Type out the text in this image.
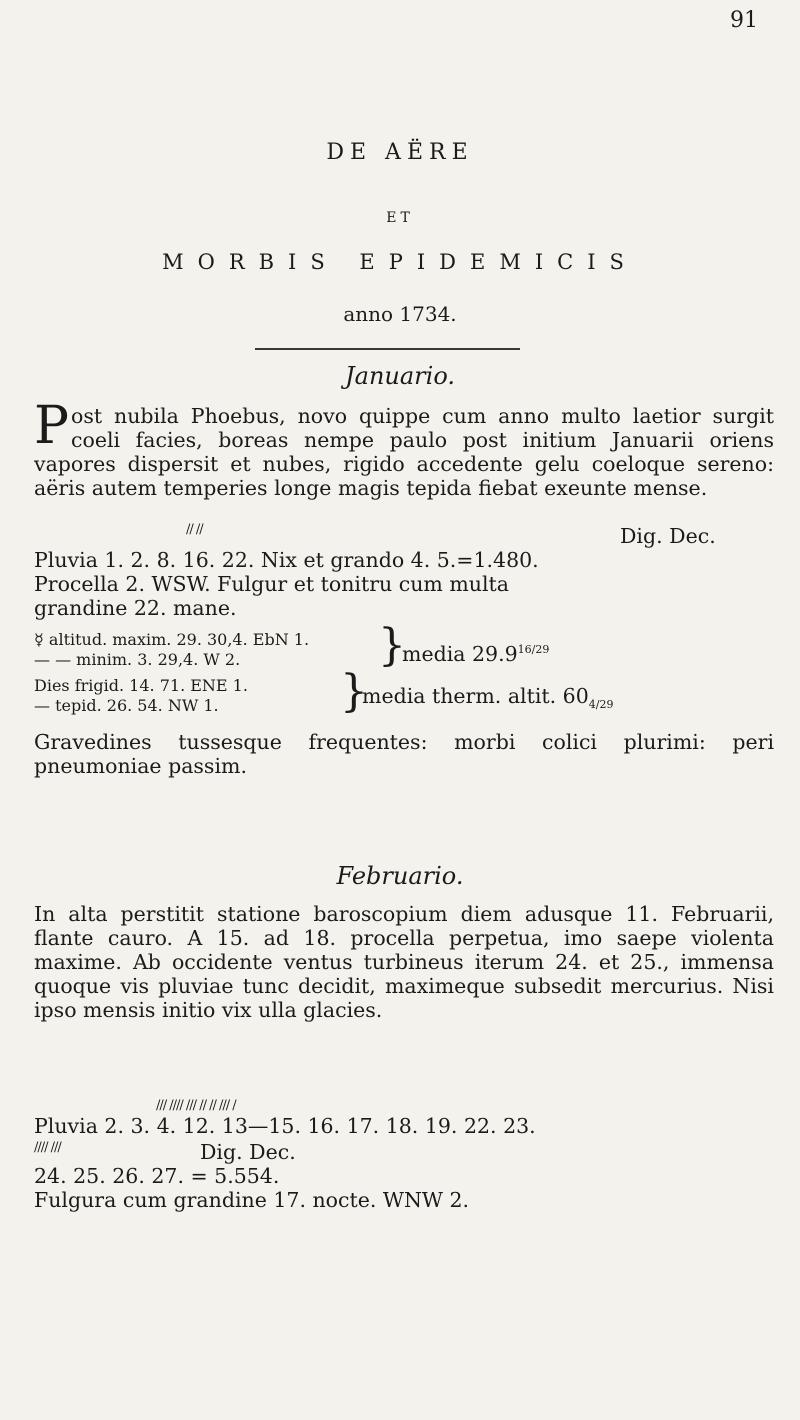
91
DE AËRE
ET
MORBIS EPIDEMICIS
anno 1734.
Januario.

Post nubila Phoebus, novo quippe cum anno multo laetior surgit coeli facies, boreas nempe paulo post initium Januarii oriens vapores dispersit et nubes, rigido accedente gelu coeloque sereno: aëris autem temperies longe magis tepida fiebat exeunte mense.

// //	Dig. Dec.
Pluvia 1. 2. 8. 16. 22. Nix et grando 4. 5.=1.480.
Procella 2. WSW. Fulgur et tonitru cum multa
grandine 22. mane.
☿ altitud. maxim. 29. 30,4. EbN 1.
— — minim. 3. 29,4. W 2.	}
media $29.9^{16/29}$
Dies frigid. 14. 71. ENE 1.
— tepid. 26. 54. NW 1.	}
media therm. altit. $60_{4/29}$
Gravedines tussesque frequentes: morbi colici plurimi: peri pneumoniae passim.
Februario.
In alta perstitit statione baroscopium diem adusque 11. Februarii, flante cauro. A 15. ad 18. procella perpetua, imo saepe violenta maxime. Ab occidente ventus turbineus iterum 24. et 25., immensa quoque vis pluviae tunc decidit, maximeque subsedit mercurius. Nisi ipso mensis initio vix ulla glacies.
/// //// /// // // /// /
Pluvia 2. 3. 4. 12. 13—15. 16. 17. 18. 19. 22. 23.
//// ///	Dig. Dec.
24. 25. 26. 27. = 5.554.
Fulgura cum grandine 17. nocte. WNW 2.
